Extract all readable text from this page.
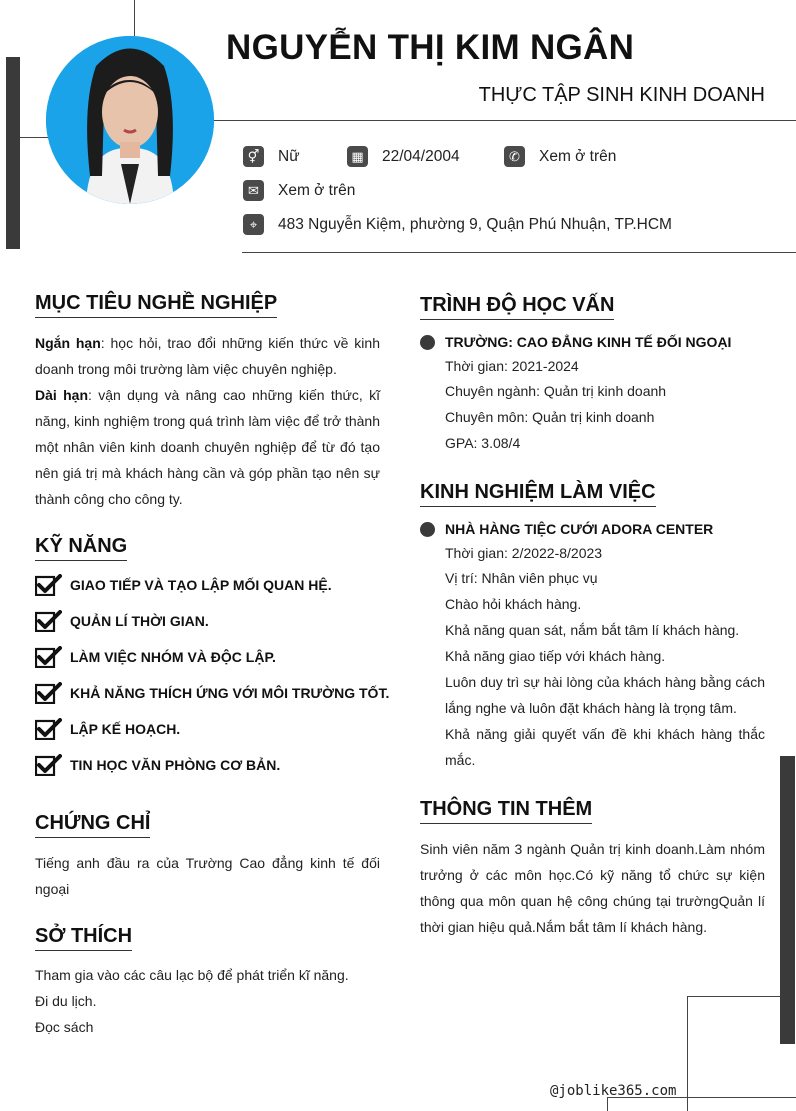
NGUYỄN THỊ KIM NGÂN
THỰC TẬP SINH KINH DOANH
⚥ Nữ	▦ 22/04/2004	✆	Xem ở trên
✉	Xem ở trên
⌖	483 Nguyễn Kiệm, phường 9, Quận Phú Nhuận, TP.HCM
MỤC TIÊU NGHỀ NGHIỆP
Ngắn hạn: học hỏi, trao đổi những kiến thức về kinh doanh trong môi trường làm việc chuyên nghiệp.
Dài hạn: vận dụng và nâng cao những kiến thức, kĩ năng, kinh nghiệm trong quá trình làm việc để trở thành một nhân viên kinh doanh chuyên nghiệp để từ đó tạo nên giá trị mà khách hàng cần và góp phần tạo nên sự thành công cho công ty.
KỸ NĂNG
GIAO TIẾP VÀ TẠO LẬP MỐI QUAN HỆ.
QUẢN LÍ THỜI GIAN.
LÀM VIỆC NHÓM VÀ ĐỘC LẬP.
KHẢ NĂNG THÍCH ỨNG VỚI MÔI TRƯỜNG TỐT.
LẬP KẾ HOẠCH.
TIN HỌC VĂN PHÒNG CƠ BẢN.
CHỨNG CHỈ
Tiếng anh đầu ra của Trường Cao đẳng kinh tế đối ngoại
SỞ THÍCH
Tham gia vào các câu lạc bộ để phát triển kĩ năng.
Đi du lịch.
Đọc sách
TRÌNH ĐỘ HỌC VẤN
TRƯỜNG: CAO ĐẲNG KINH TẾ ĐỐI NGOẠI
Thời gian: 2021-2024
Chuyên ngành: Quản trị kinh doanh
Chuyên môn: Quản trị kinh doanh
GPA: 3.08/4
KINH NGHIỆM LÀM VIỆC
NHÀ HÀNG TIỆC CƯỚI ADORA CENTER
Thời gian: 2/2022-8/2023
Vị trí: Nhân viên phục vụ
Chào hỏi khách hàng.
Khả năng quan sát, nắm bắt tâm lí khách hàng.
Khả năng giao tiếp với khách hàng.
Luôn duy trì sự hài lòng của khách hàng bằng cách lắng nghe và luôn đặt khách hàng là trọng tâm.
Khả năng giải quyết vấn đề khi khách hàng thắc mắc.
THÔNG TIN THÊM
Sinh viên năm 3 ngành Quản trị kinh doanh.Làm nhóm trưởng ở các môn học.Có kỹ năng tổ chức sự kiện thông qua môn quan hệ công chúng tại trườngQuản lí thời gian hiệu quả.Nắm bắt tâm lí khách hàng.
@joblike365.com
